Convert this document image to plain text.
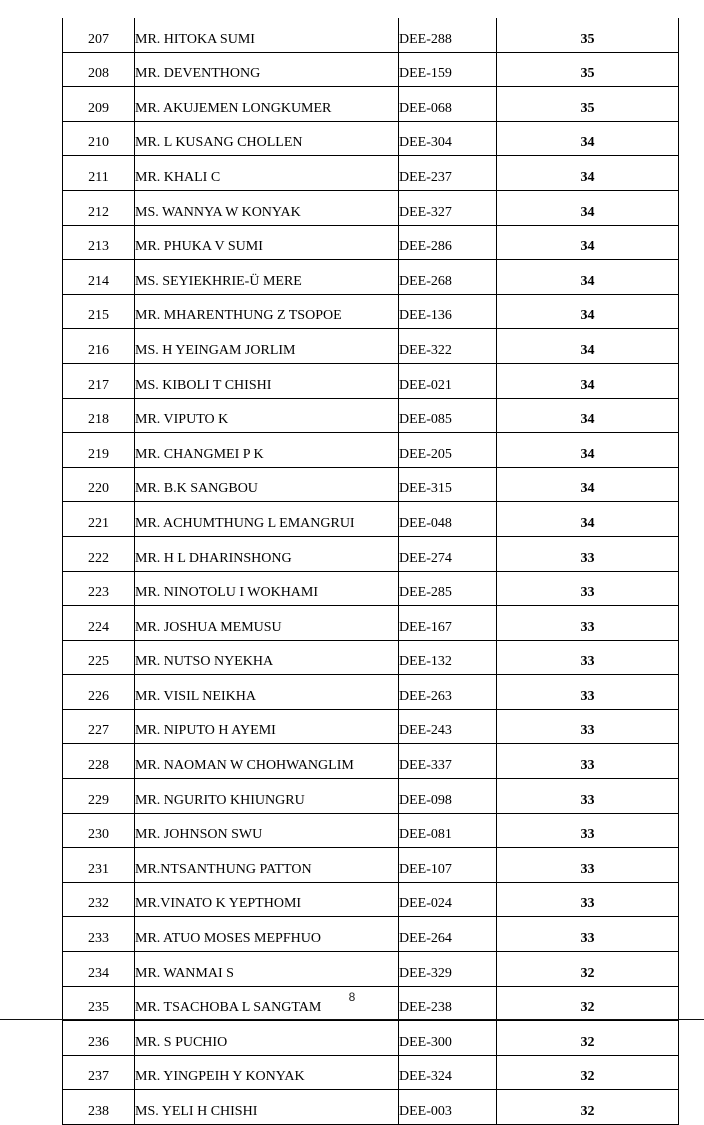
207	MR. HITOKA SUMI	DEE-288	35
208	MR. DEVENTHONG	DEE-159	35
209	MR. AKUJEMEN LONGKUMER	DEE-068	35
210	MR. L KUSANG CHOLLEN	DEE-304	34
211	MR. KHALI C	DEE-237	34
212	MS. WANNYA W KONYAK	DEE-327	34
213	MR. PHUKA V SUMI	DEE-286	34
214	MS. SEYIEKHRIE-Ü MERE	DEE-268	34
215	MR. MHARENTHUNG Z TSOPOE	DEE-136	34
216	MS. H YEINGAM JORLIM	DEE-322	34
217	MS. KIBOLI T CHISHI	DEE-021	34
218	MR. VIPUTO K	DEE-085	34
219	MR. CHANGMEI P K	DEE-205	34
220	MR. B.K SANGBOU	DEE-315	34
221	MR. ACHUMTHUNG L EMANGRUI	DEE-048	34
222	MR. H L DHARINSHONG	DEE-274	33
223	MR. NINOTOLU I WOKHAMI	DEE-285	33
224	MR. JOSHUA MEMUSU	DEE-167	33
225	MR. NUTSO NYEKHA	DEE-132	33
226	MR. VISIL NEIKHA	DEE-263	33
227	MR. NIPUTO H AYEMI	DEE-243	33
228	MR. NAOMAN W CHOHWANGLIM	DEE-337	33
229	MR. NGURITO KHIUNGRU	DEE-098	33
230	MR. JOHNSON SWU	DEE-081	33
231	MR.NTSANTHUNG PATTON	DEE-107	33
232	MR.VINATO K YEPTHOMI	DEE-024	33
233	MR. ATUO MOSES MEPFHUO	DEE-264	33
234	MR. WANMAI S	DEE-329	32
235	MR. TSACHOBA L SANGTAM	DEE-238	32
236	MR. S PUCHIO	DEE-300	32
237	MR. YINGPEIH Y KONYAK	DEE-324	32
238	MS. YELI H CHISHI	DEE-003	32
8
